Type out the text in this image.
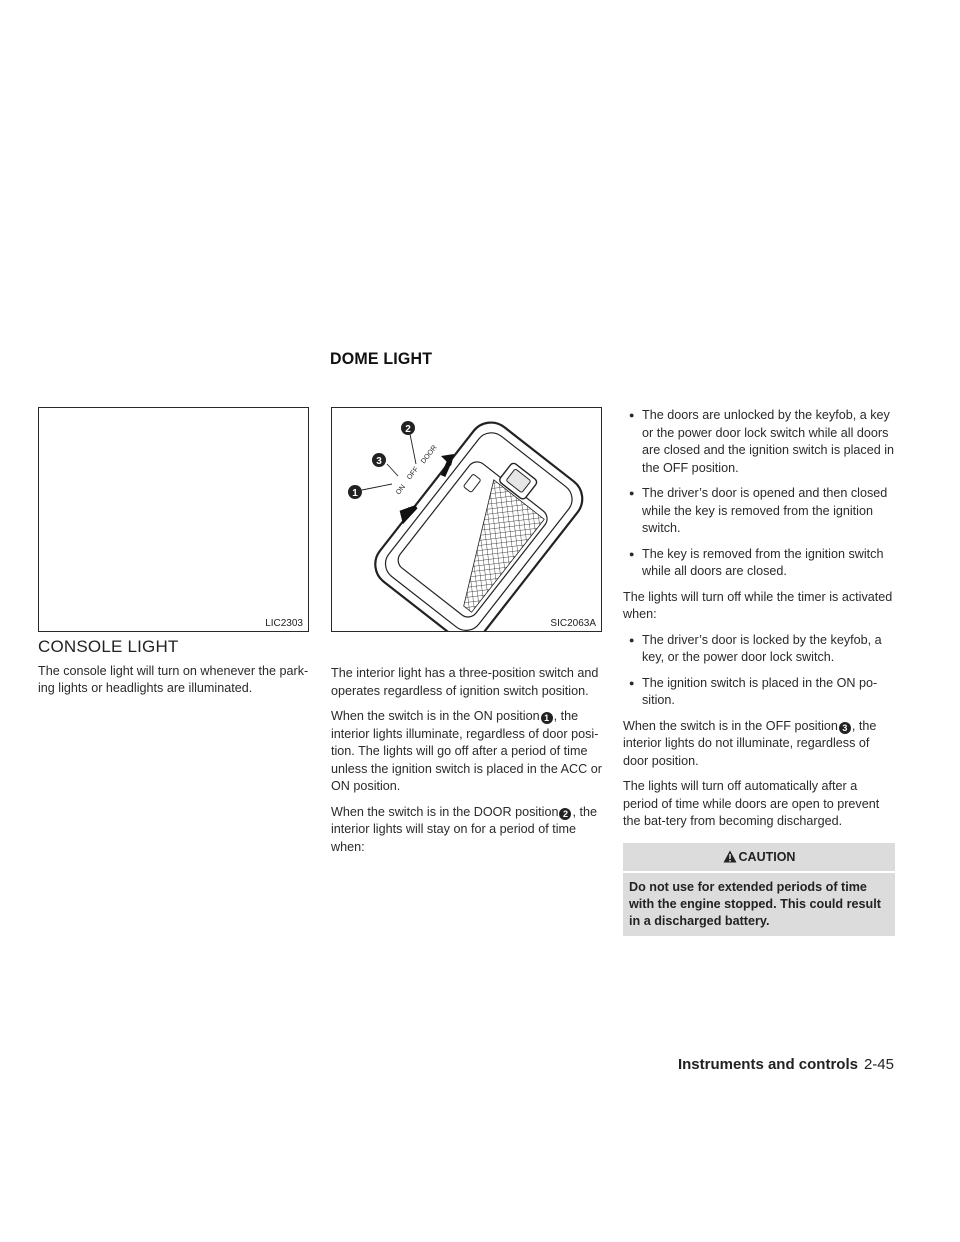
DOME LIGHT
LIC2303
ON
OFF
DOOR
1
3
2
SIC2063A
CONSOLE LIGHT

The console light will turn on whenever the park-ing lights or headlights are illuminated.

The interior light has a three-position switch and operates regardless of ignition switch position.

When the switch is in the ON position 1 , the interior lights illuminate, regardless of door posi-tion. The lights will go off after a period of time unless the ignition switch is placed in the ACC or ON position.

When the switch is in the DOOR position 2 , the interior lights will stay on for a period of time when:

● The doors are unlocked by the keyfob, a key or the power door lock switch while all doors are closed and the ignition switch is placed in the OFF position.
● The driver’s door is opened and then closed while the key is removed from the ignition switch.
● The key is removed from the ignition switch while all doors are closed.

The lights will turn off while the timer is activated when:

● The driver’s door is locked by the keyfob, a key, or the power door lock switch.
● The ignition switch is placed in the ON po-sition.

When the switch is in the OFF position 3 , the interior lights do not illuminate, regardless of door position.

The lights will turn off automatically after a period of time while doors are open to prevent the bat-tery from becoming discharged.

CAUTION
Do not use for extended periods of time with the engine stopped. This could result in a discharged battery.
Instruments and controls 2-45
